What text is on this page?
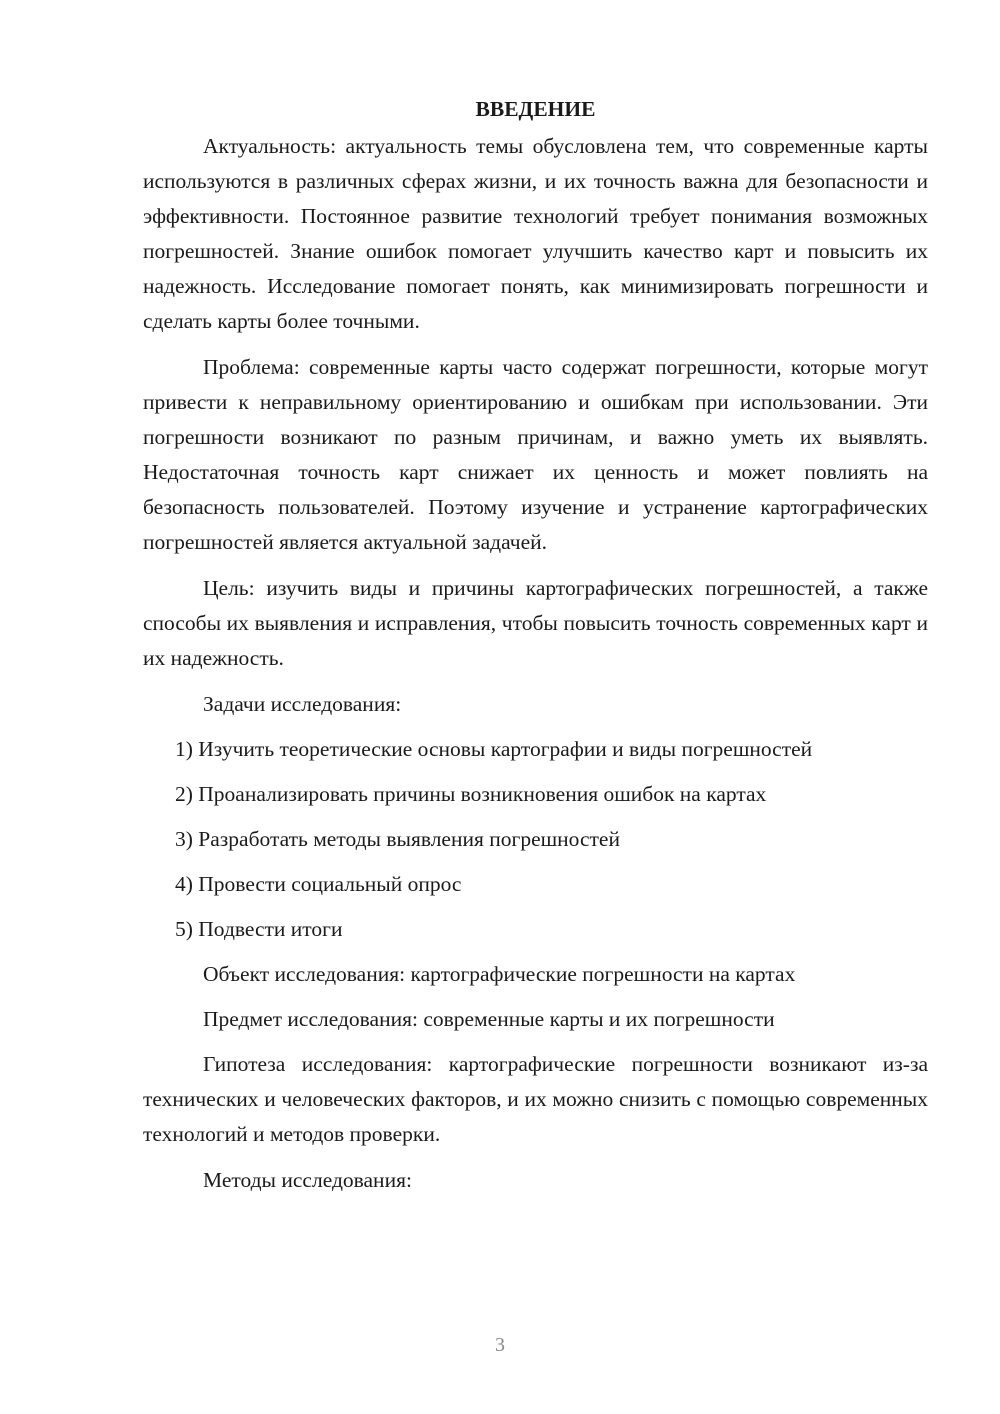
ВВЕДЕНИЕ

Актуальность: актуальность темы обусловлена тем, что современные карты используются в различных сферах жизни, и их точность важна для безопасности и эффективности. Постоянное развитие технологий требует понимания возможных погрешностей. Знание ошибок помогает улучшить качество карт и повысить их надежность. Исследование помогает понять, как минимизировать погрешности и сделать карты более точными.

Проблема: современные карты часто содержат погрешности, которые могут привести к неправильному ориентированию и ошибкам при использовании. Эти погрешности возникают по разным причинам, и важно уметь их выявлять. Недостаточная точность карт снижает их ценность и может повлиять на безопасность пользователей. Поэтому изучение и устранение картографических погрешностей является актуальной задачей.

Цель: изучить виды и причины картографических погрешностей, а также способы их выявления и исправления, чтобы повысить точность современных карт и их надежность.

Задачи исследования:

1) Изучить теоретические основы картографии и виды погрешностей
2) Проанализировать причины возникновения ошибок на картах
3) Разработать методы выявления погрешностей
4) Провести социальный опрос
5) Подвести итоги

Объект исследования: картографические погрешности на картах

Предмет исследования: современные карты и их погрешности

Гипотеза исследования: картографические погрешности возникают из-за технических и человеческих факторов, и их можно снизить с помощью современных технологий и методов проверки.

Методы исследования:

3
